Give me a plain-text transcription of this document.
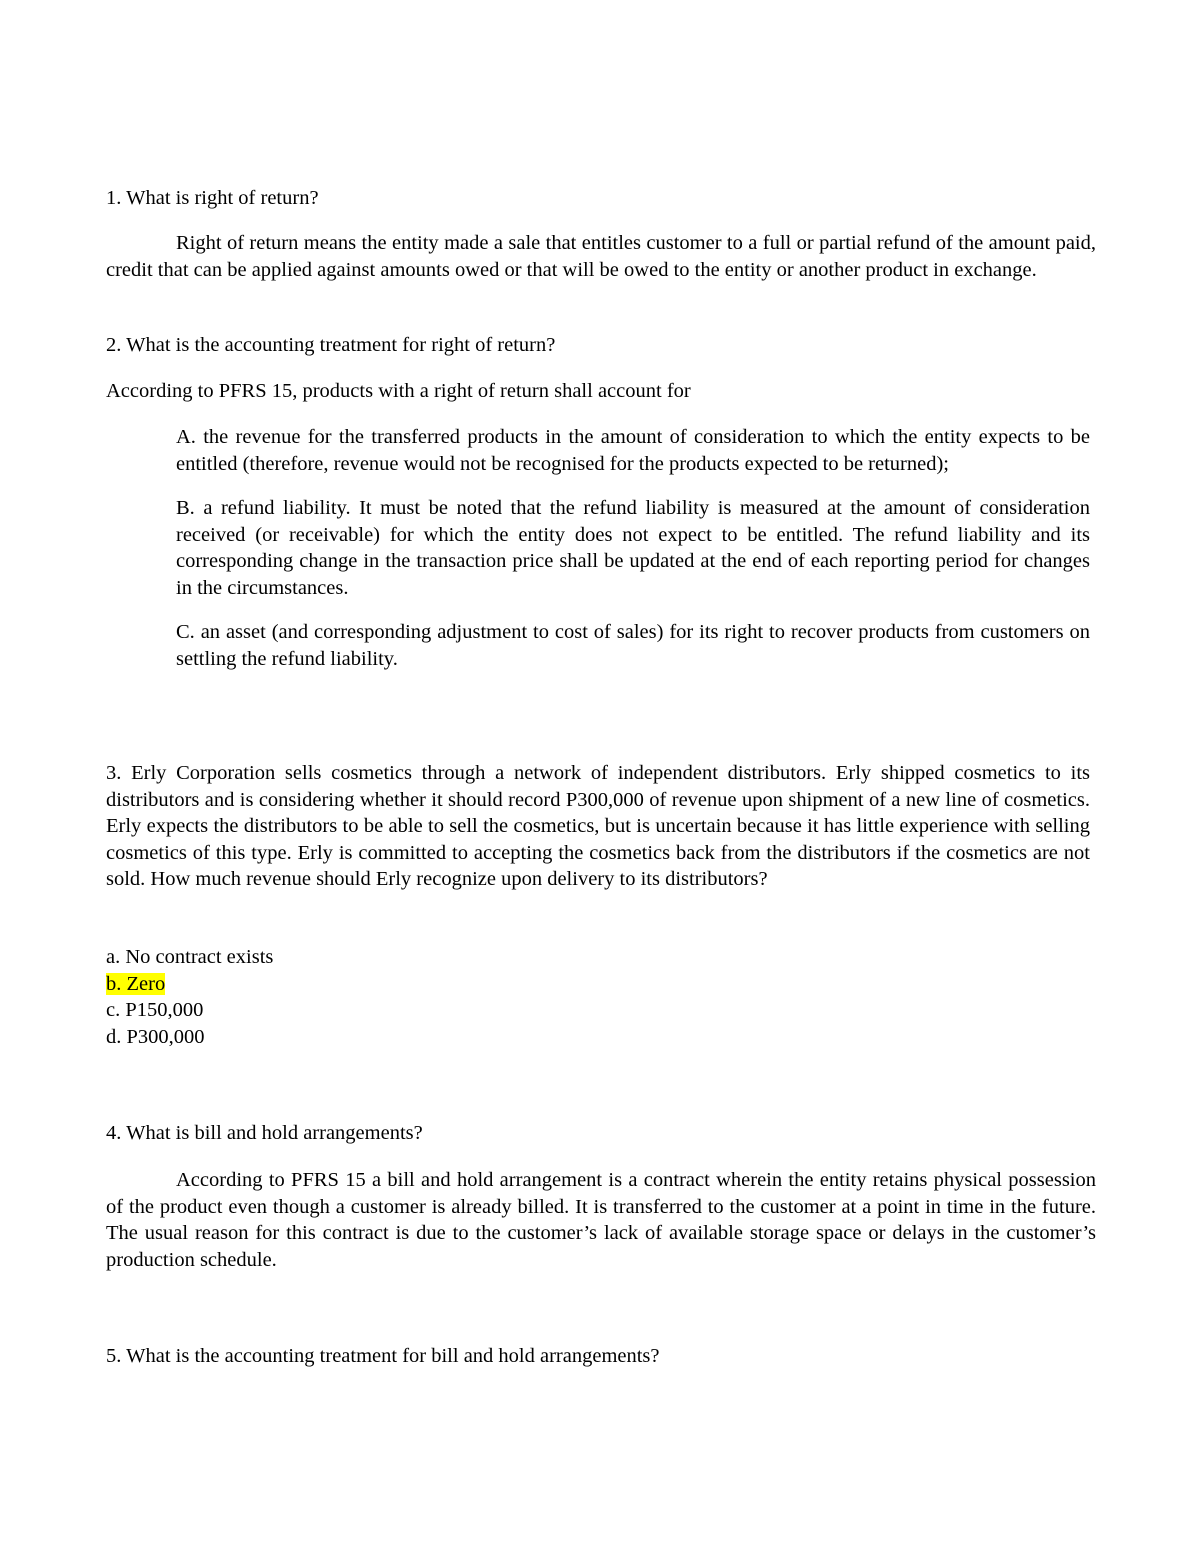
1. What is right of return?

Right of return means the entity made a sale that entitles customer to a full or partial refund of the amount paid, credit that can be applied against amounts owed or that will be owed to the entity or another product in exchange.

2. What is the accounting treatment for right of return?

According to PFRS 15, products with a right of return shall account for

A. the revenue for the transferred products in the amount of consideration to which the entity expects to be entitled (therefore, revenue would not be recognised for the products expected to be returned);

B. a refund liability. It must be noted that the refund liability is measured at the amount of consideration received (or receivable) for which the entity does not expect to be entitled. The refund liability and its corresponding change in the transaction price shall be updated at the end of each reporting period for changes in the circumstances.

C. an asset (and corresponding adjustment to cost of sales) for its right to recover products from customers on settling the refund liability.

3. Erly Corporation sells cosmetics through a network of independent distributors. Erly shipped cosmetics to its distributors and is considering whether it should record P300,000 of revenue upon shipment of a new line of cosmetics. Erly expects the distributors to be able to sell the cosmetics, but is uncertain because it has little experience with selling cosmetics of this type. Erly is committed to accepting the cosmetics back from the distributors if the cosmetics are not sold. How much revenue should Erly recognize upon delivery to its distributors?

a. No contract exists
b. Zero
c. P150,000
d. P300,000

4. What is bill and hold arrangements?

According to PFRS 15 a bill and hold arrangement is a contract wherein the entity retains physical possession of the product even though a customer is already billed. It is transferred to the customer at a point in time in the future. The usual reason for this contract is due to the customer’s lack of available storage space or delays in the customer’s production schedule.

5. What is the accounting treatment for bill and hold arrangements?
